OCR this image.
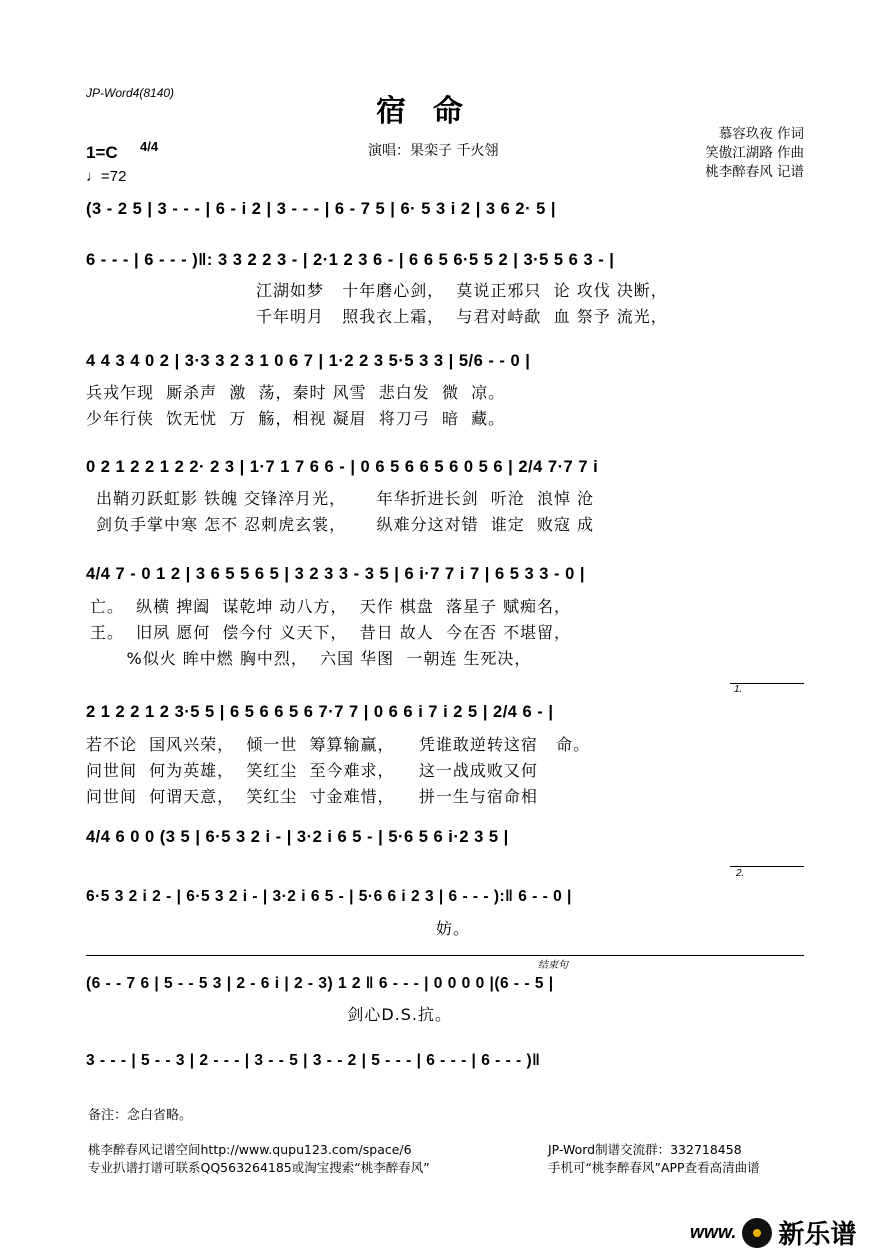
JP-Word4(8140)
宿  命
演唱：果栾子 千火翎
慕容玖夜 作词
笑傲江湖路 作曲
桃李醉春风 记谱
1=C 4/4
♩=72
(3 - 2 5 | 3 - - - | 6 - i 2 | 3 - - - | 6 - 7 5 | 6· 5 3 i 2 | 3 6 2· 5 |
6 - - - | 6 - - - )‖: 3 3 2 2 3 - | 2·1 2 3 6 - | 6 6 5 6·5 5 2 | 3·5 5 6 3 - |
江湖如梦   十年磨心剑，  莫说正邪只  论 攻伐 决断，
千年明月   照我衣上霜，  与君对峙歃  血 祭予 流光，
4 4 3 4 0 2 | 3·3 3 2 3 1 0 6 7 | 1·2 2 3 5·5 3 3 | 5/6 - - 0 |
兵戎乍现  厮杀声  激  荡，秦时 风雪  悲白发  微  凉。
少年行侠  饮无忧  万  觞，相视 凝眉  将刀弓  暗  藏。
0 2 1 2 2 1 2 2· 2 3 | 1·7 1 7 6 6 - | 0 6 5 6 6 5 6 0 5 6 | 2/4 7·7 7 i
出鞘刃跃虹影 铁魄 交锋淬月光，     年华折进长剑  听沧  浪悼 沧
剑负手掌中寒 怎不 忍刺虎玄裳，     纵难分这对错  谁定  败寇 成
4/4 7 - 0 1 2 | 3 6 5 5 6 5 | 3 2 3 3 - 3 5 | 6 i·7 7 i 7 | 6 5 3 3 - 0 |
亡。  纵横 捭阖  谋乾坤 动八方，  天作 棋盘  落星子 赋痴名，
王。  旧夙 愿何  偿今付 义天下，  昔日 故人  今在否 不堪留，
%似火 眸中燃 胸中烈，  六国 华图  一朝连 生死决，
1.
2 1 2 2 1 2 3·5 5 | 6 5 6 6 5 6 7·7 7 | 0 6 6 i 7 i 2 5 | 2/4 6 - |
若不论  国风兴荣，  倾一世  筹算输赢，    凭谁敢逆转这宿   命。
问世间  何为英雄，  笑红尘  至今难求，    这一战成败又何
问世间  何谓天意，  笑红尘  寸金难惜，    拼一生与宿命相
4/4 6 0 0 (3 5 | 6·5 3 2 i - | 3·2 i 6 5 - | 5·6 5 6 i·2 3 5 |
2.
6·5 3 2 i 2 - | 6·5 3 2 i - | 3·2 i 6 5 - | 5·6 6 i 2 3 | 6 - - - ):‖ 6 - - 0 |
妨。
结束句
(6 - - 7 6 | 5 - - 5 3 | 2 - 6 i | 2 - 3) 1 2 ‖ 6 - - - | 0 0 0 0 |(6 - - 5 |
剑心D.S.抗。
3 - - - | 5 - - 3 | 2 - - - | 3 - - 5 | 3 - - 2 | 5 - - - | 6 - - - | 6 - - - )‖
备注：念白省略。
桃李醉春风记谱空间http://www.qupu123.com/space/6
专业扒谱打谱可联系QQ563264185或淘宝搜索“桃李醉春风”
JP-Word制谱交流群：332718458
手机可“桃李醉春风”APP查看高清曲谱
www. 新乐谱
